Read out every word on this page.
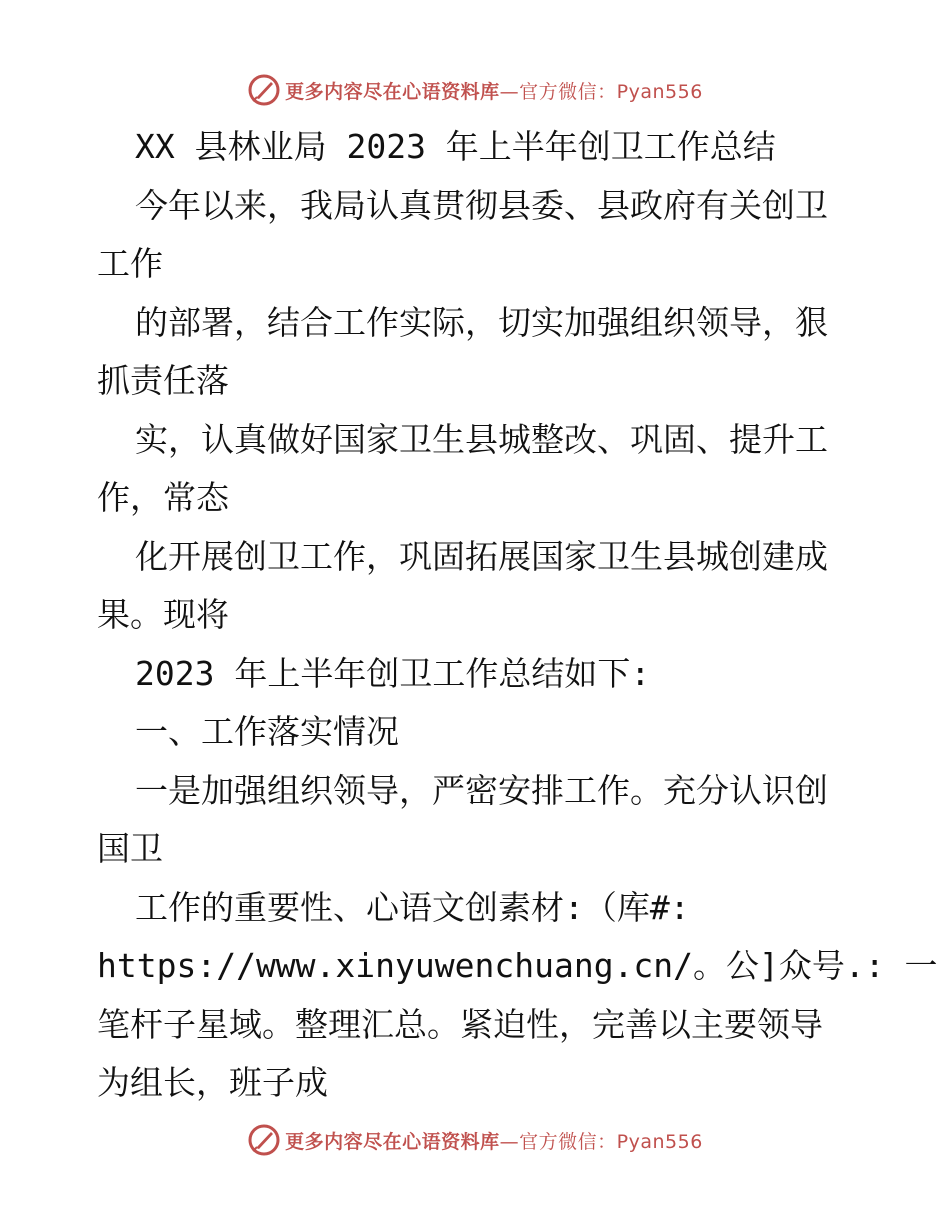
更多内容尽在心语资料库—官方微信：Pyan556
XX 县林业局 2023 年上半年创卫工作总结
今年以来，我局认真贯彻县委、县政府有关创卫
工作
的部署，结合工作实际，切实加强组织领导，狠
抓责任落
实，认真做好国家卫生县城整改、巩固、提升工
作，常态
化开展创卫工作，巩固拓展国家卫生县城创建成
果。现将
2023 年上半年创卫工作总结如下:
一、工作落实情况
一是加强组织领导，严密安排工作。充分认识创
国卫
工作的重要性、心语文创素材:（库#:
https://www.xinyuwenchuang.cn/。公]众号.: 一
笔杆子星域。整理汇总。紧迫性，完善以主要领导
为组长，班子成
更多内容尽在心语资料库—官方微信：Pyan556
